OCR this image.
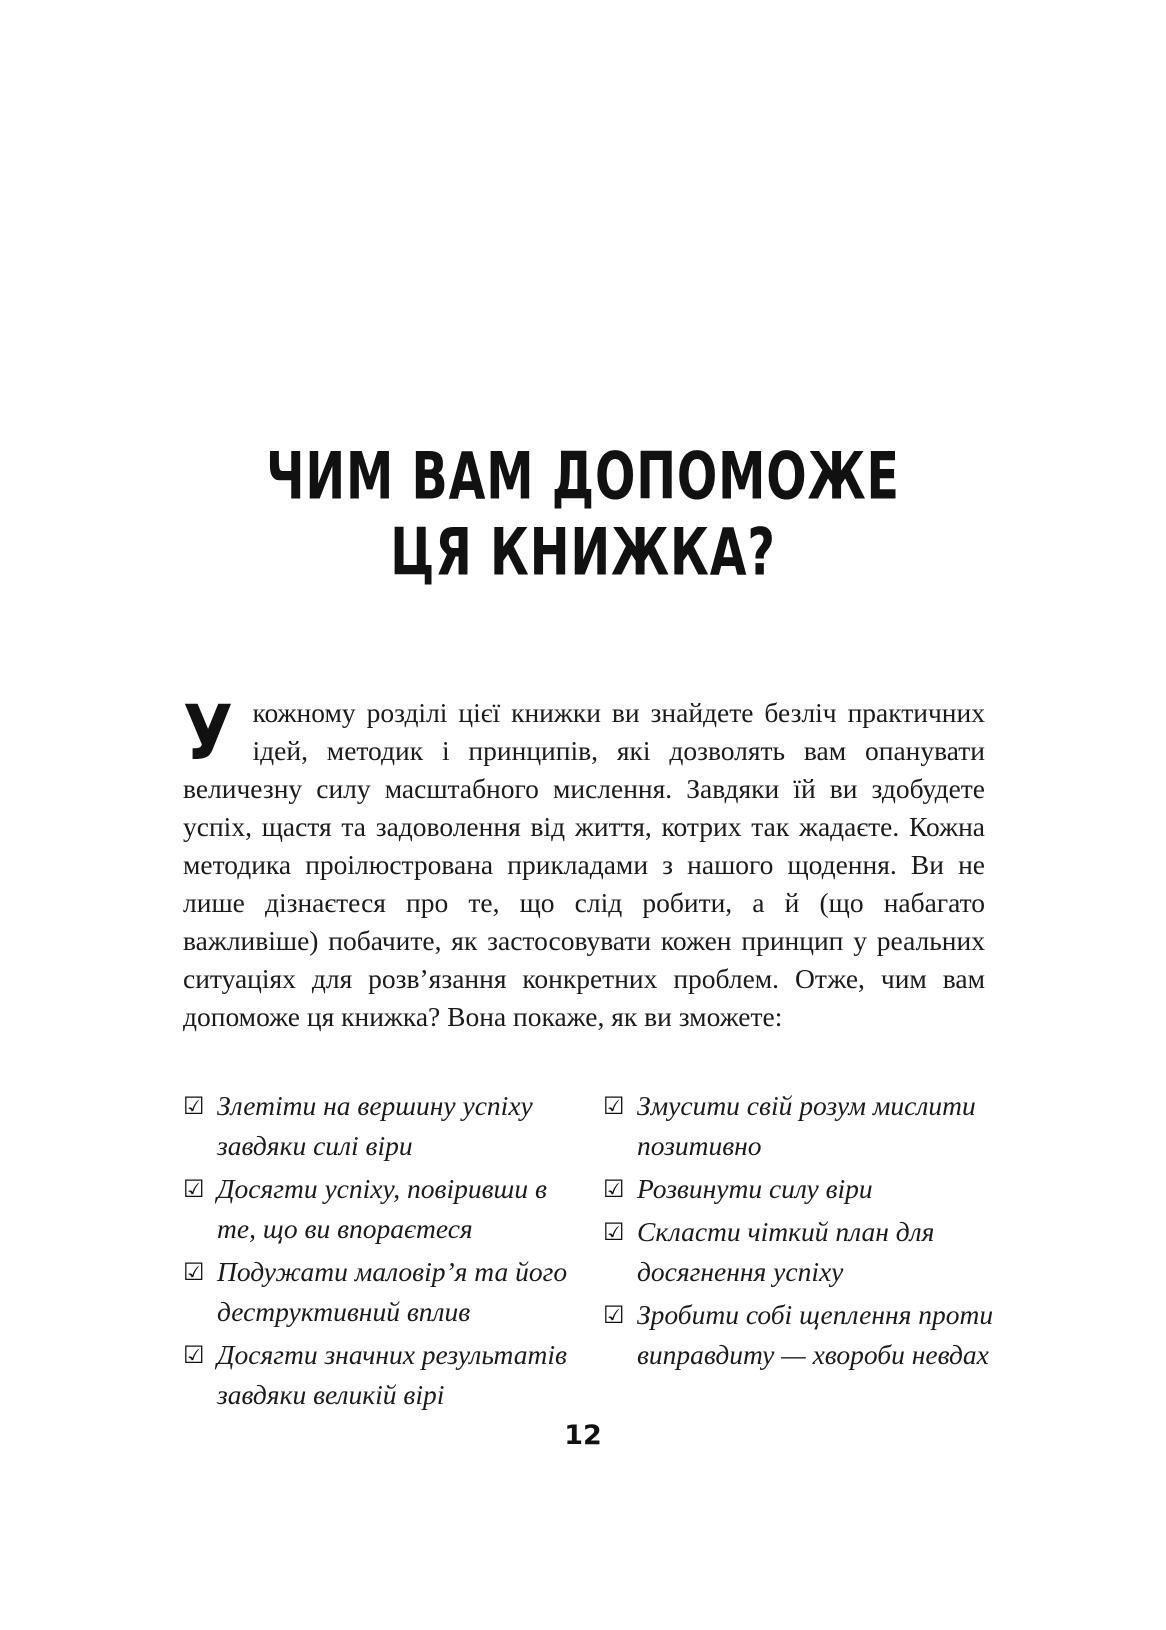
ЧИМ ВАМ ДОПОМОЖЕ
ЦЯ КНИЖКА?
Укожному розділі цієї книжки ви знайдете безліч практичних ідей, методик і принципів, які дозволять вам опанувати величезну силу масштабного мислення. Завдяки їй ви здобудете успіх, щастя та задоволення від життя, котрих так жадаєте. Кожна методика проілюстрована прикладами з нашого щодення. Ви не лише дізнаєтеся про те, що слід робити, а й (що набагато важливіше) побачите, як застосовувати кожен принцип у реальних ситуаціях для розв’язання конкретних проблем. Отже, чим вам допоможе ця книжка? Вона покаже, як ви зможете:
☑ Злетіти на вершину успіху завдяки силі віри
☑ Досягти успіху, повіривши в те, що ви впораєтеся
☑ Подужати маловір’я та його деструктивний вплив
☑ Досягти значних результатів завдяки великій вірі
☑ Змусити свій розум мислити позитивно
☑ Розвинути силу віри
☑ Скласти чіткий план для досягнення успіху
☑ Зробити собі щеплення проти виправдиту — хвороби невдах
12
